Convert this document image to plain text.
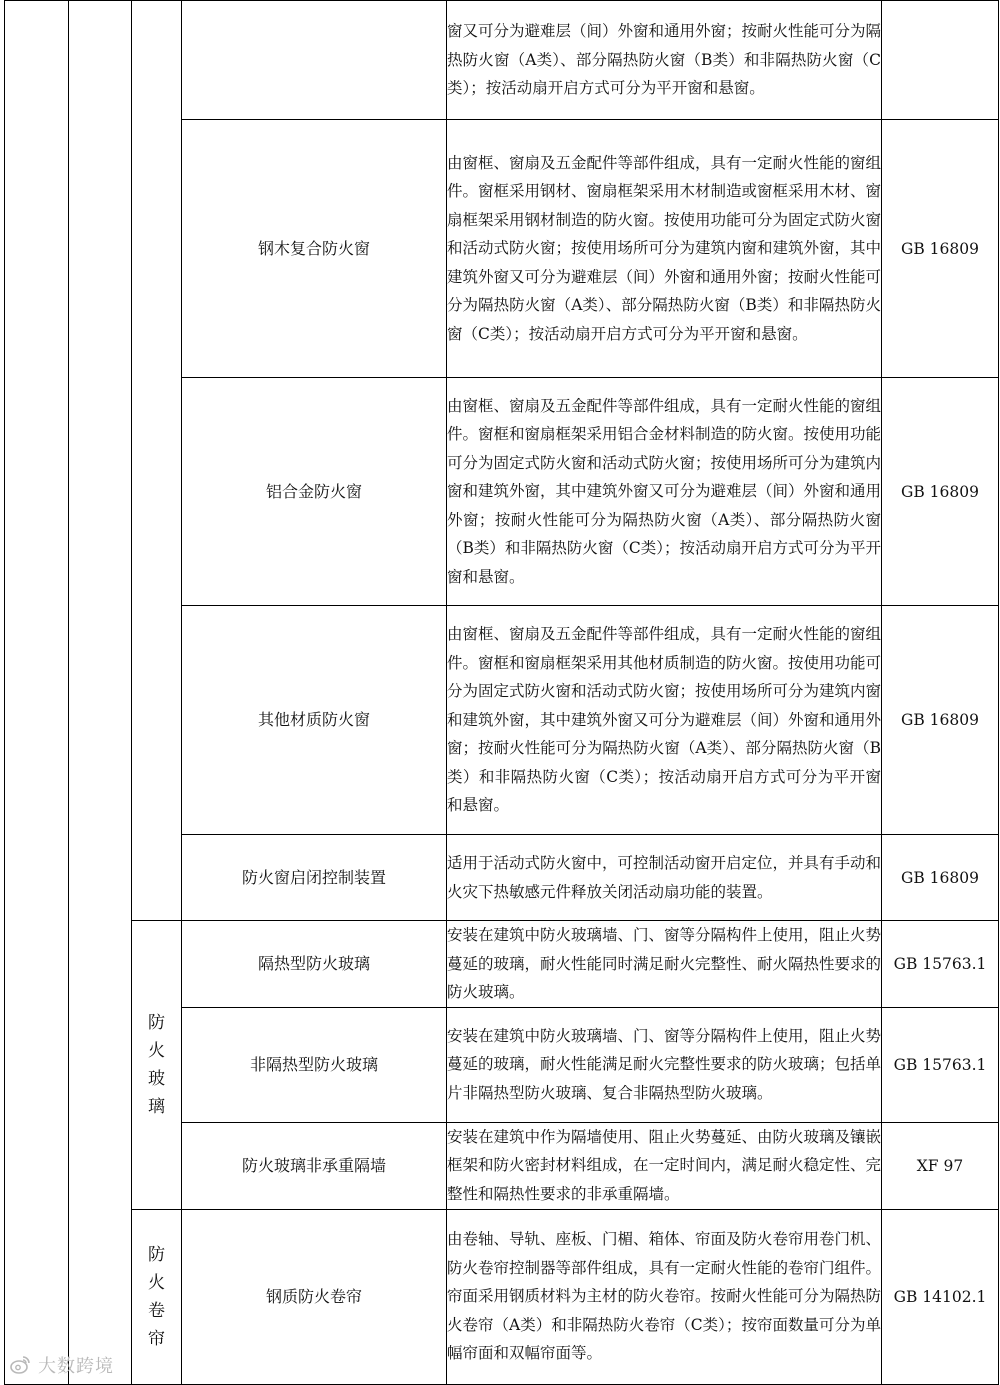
				窗又可分为避难层（间）外窗和通用外窗；按耐火性能可分为隔热防火窗（A类）、部分隔热防火窗（B类）和非隔热防火窗（C类）；按活动扇开启方式可分为平开窗和悬窗。	
			钢木复合防火窗	由窗框、窗扇及五金配件等部件组成，具有一定耐火性能的窗组件。窗框采用钢材、窗扇框架采用木材制造或窗框采用木材、窗扇框架采用钢材制造的防火窗。按使用功能可分为固定式防火窗和活动式防火窗；按使用场所可分为建筑内窗和建筑外窗，其中建筑外窗又可分为避难层（间）外窗和通用外窗；按耐火性能可分为隔热防火窗（A类）、部分隔热防火窗（B类）和非隔热防火窗（C类）；按活动扇开启方式可分为平开窗和悬窗。	GB 16809
			铝合金防火窗	由窗框、窗扇及五金配件等部件组成，具有一定耐火性能的窗组件。窗框和窗扇框架采用铝合金材料制造的防火窗。按使用功能可分为固定式防火窗和活动式防火窗；按使用场所可分为建筑内窗和建筑外窗，其中建筑外窗又可分为避难层（间）外窗和通用外窗；按耐火性能可分为隔热防火窗（A类）、部分隔热防火窗（B类）和非隔热防火窗（C类）；按活动扇开启方式可分为平开窗和悬窗。	GB 16809
			其他材质防火窗	由窗框、窗扇及五金配件等部件组成，具有一定耐火性能的窗组件。窗框和窗扇框架采用其他材质制造的防火窗。按使用功能可分为固定式防火窗和活动式防火窗；按使用场所可分为建筑内窗和建筑外窗，其中建筑外窗又可分为避难层（间）外窗和通用外窗；按耐火性能可分为隔热防火窗（A类）、部分隔热防火窗（B类）和非隔热防火窗（C类）；按活动扇开启方式可分为平开窗和悬窗。	GB 16809
			防火窗启闭控制装置	适用于活动式防火窗中，可控制活动窗开启定位，并具有手动和火灾下热敏感元件释放关闭活动扇功能的装置。	GB 16809
		防火玻璃	隔热型防火玻璃	安装在建筑中防火玻璃墙、门、窗等分隔构件上使用，阻止火势蔓延的玻璃，耐火性能同时满足耐火完整性、耐火隔热性要求的防火玻璃。	GB 15763.1
			非隔热型防火玻璃	安装在建筑中防火玻璃墙、门、窗等分隔构件上使用，阻止火势蔓延的玻璃，耐火性能满足耐火完整性要求的防火玻璃；包括单片非隔热型防火玻璃、复合非隔热型防火玻璃。	GB 15763.1
			防火玻璃非承重隔墙	安装在建筑中作为隔墙使用、阻止火势蔓延、由防火玻璃及镶嵌框架和防火密封材料组成，在一定时间内，满足耐火稳定性、完整性和隔热性要求的非承重隔墙。	XF 97
		防火卷帘	钢质防火卷帘	由卷轴、导轨、座板、门楣、箱体、帘面及防火卷帘用卷门机、防火卷帘控制器等部件组成，具有一定耐火性能的卷帘门组件。帘面采用钢质材料为主材的防火卷帘。按耐火性能可分为隔热防火卷帘（A类）和非隔热防火卷帘（C类）；按帘面数量可分为单幅帘面和双幅帘面等。	GB 14102.1
大数跨境
